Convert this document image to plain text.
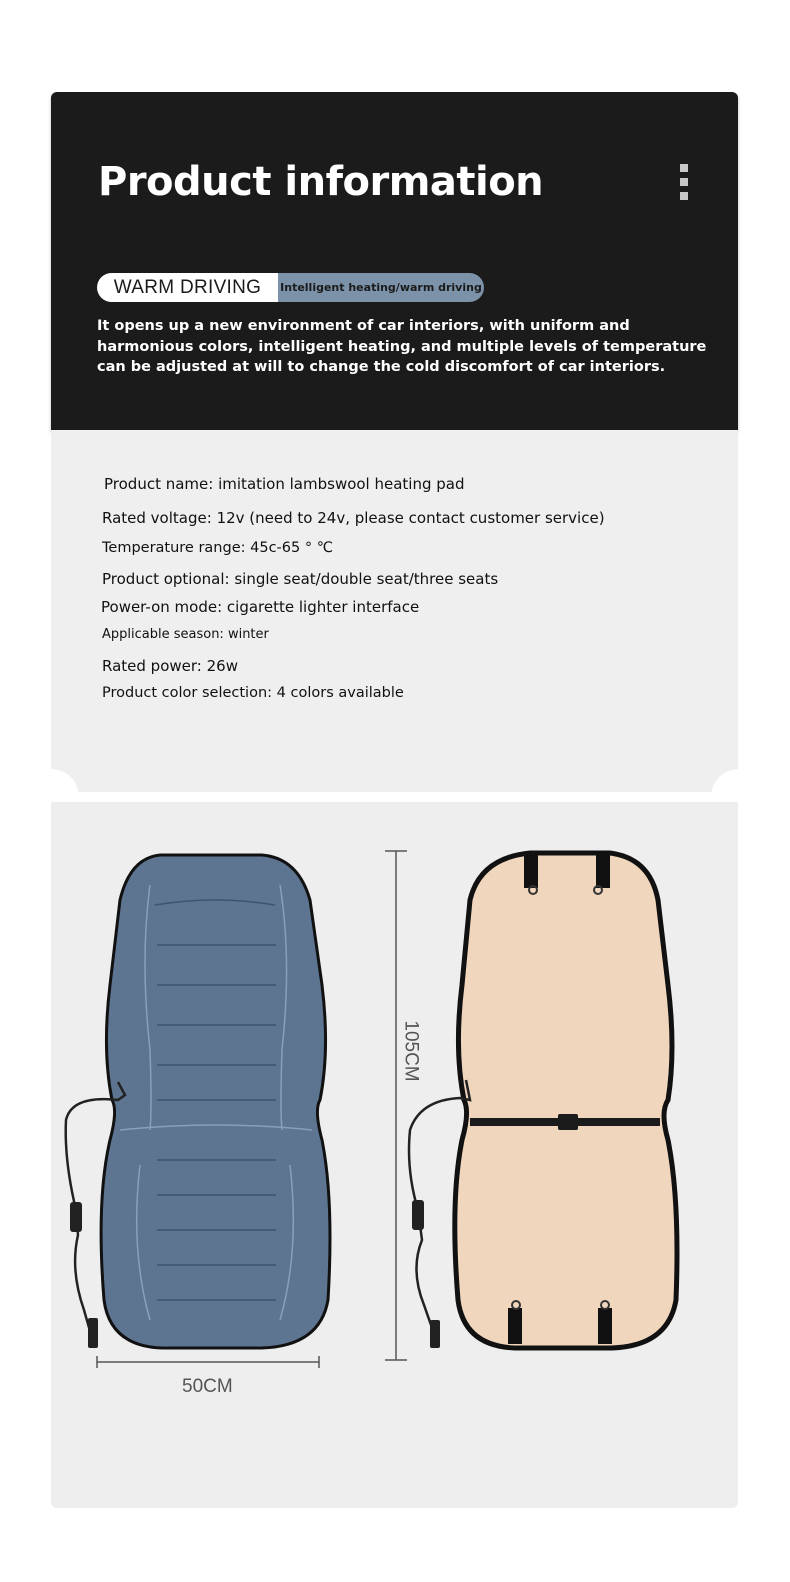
Product information
WARM DRIVING	Intelligent heating/warm driving
It opens up a new environment of car interiors, with uniform and harmonious colors, intelligent heating, and multiple levels of temperature can be adjusted at will to change the cold discomfort of car interiors.
Product name: imitation lambswool heating pad
Rated voltage: 12v (need to 24v, please contact customer service)
Temperature range: 45c-65 ° ℃
Product optional: single seat/double seat/three seats
Power-on mode: cigarette lighter interface
Applicable season: winter
Rated power: 26w
Product color selection: 4 colors available
50CM
105CM
